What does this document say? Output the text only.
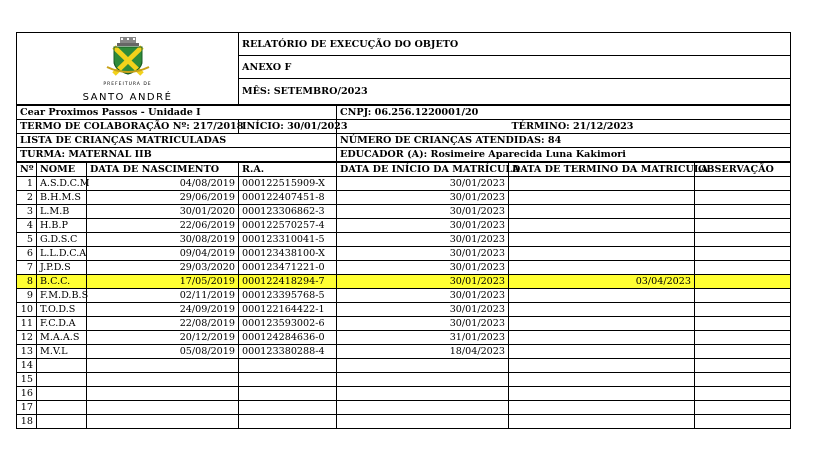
PREFEITURA DE
SANTO ANDRÉ
	RELATÓRIO DE EXECUÇÃO DO OBJETO
ANEXO F
MÊS: SETEMBRO/2023
Cear Proximos Passos - Unidade I		CNPJ: 06.256.1220001/20	
TERMO DE COLABORAÇÃO Nº: 217/2018	INÍCIO: 30/01/2023		TÉRMINO: 21/12/2023
LISTA DE CRIANÇAS MATRICULADAS		NÚMERO DE CRIANÇAS ATENDIDAS: 84	
TURMA: MATERNAL IIB		EDUCADOR (A): Rosimeire Aparecida Luna Kakimori	
Nº	NOME	DATA DE NASCIMENTO	R.A.	DATA DE INÍCIO DA MATRÍCULA	DATA DE TERMINO DA MATRICULA	OBSERVAÇÃO
1	A.S.D.C.M	04/08/2019	000122515909-X	30/01/2023		
2	B.H.M.S	29/06/2019	000122407451-8	30/01/2023		
3	L.M.B	30/01/2020	000123306862-3	30/01/2023		
4	H.B.P	22/06/2019	000122570257-4	30/01/2023		
5	G.D.S.C	30/08/2019	000123310041-5	30/01/2023		
6	L.L.D.C.A	09/04/2019	000123438100-X	30/01/2023		
7	J.P.D.S	29/03/2020	000123471221-0	30/01/2023		
8	B.C.C.	17/05/2019	000122418294-7	30/01/2023	03/04/2023	
9	F.M.D.B.S	02/11/2019	000123395768-5	30/01/2023		
10	T.O.D.S	24/09/2019	000122164422-1	30/01/2023		
11	F.C.D.A	22/08/2019	000123593002-6	30/01/2023		
12	M.A.A.S	20/12/2019	000124284636-0	31/01/2023		
13	M.V.L	05/08/2019	000123380288-4	18/04/2023		
14						
15						
16						
17						
18						
